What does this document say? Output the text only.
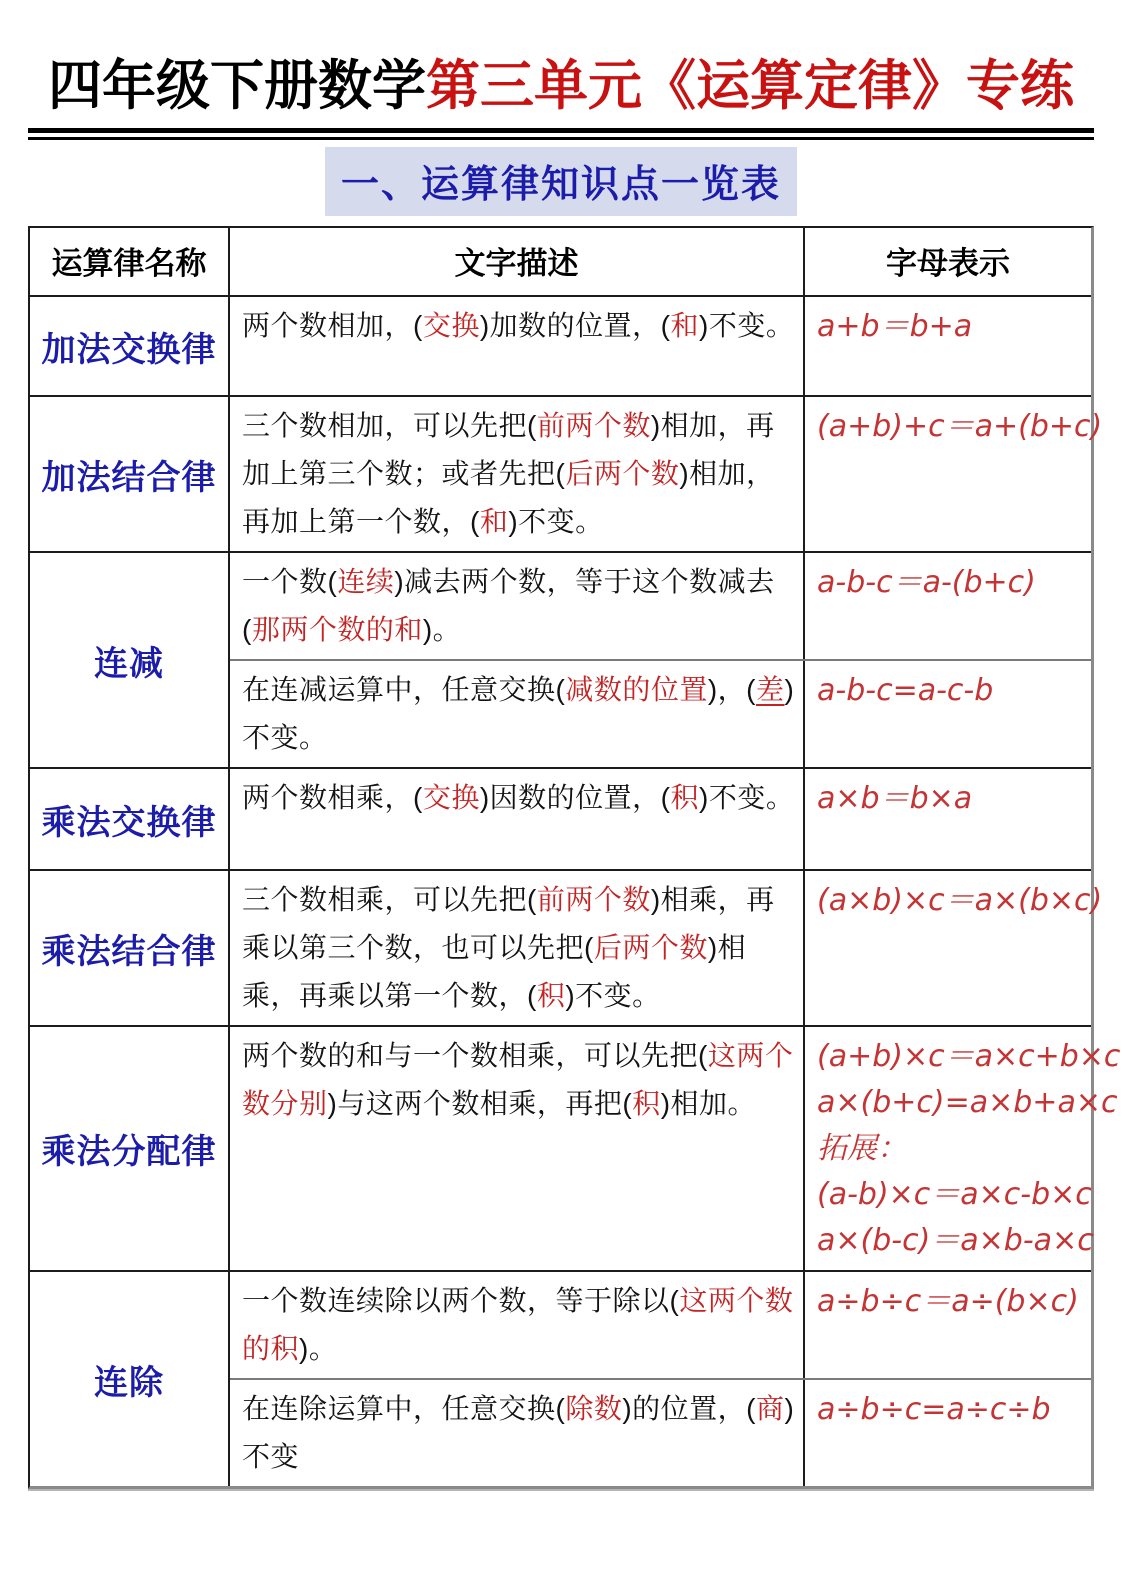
四年级下册数学第三单元《运算定律》专练
一、运算律知识点一览表
运算律名称	文字描述	字母表示
加法交换律
两个数相加，(交换)加数的位置，(和)不变。 a+b＝b+a
加法结合律
三个数相加，可以先把(前两个数)相加，再加上第三个数；或者先把(后两个数)相加，再加上第一个数，(和)不变。
(a+b)+c＝a+(b+c)
连减
一个数(连续)减去两个数，等于这个数减去(那两个数的和)。
a-b-c＝a-(b+c)
在连减运算中，任意交换(减数的位置)，(差)不变。
a-b-c=a-c-b
乘法交换律
两个数相乘，(交换)因数的位置，(积)不变。 a×b＝b×a
乘法结合律
三个数相乘，可以先把(前两个数)相乘，再乘以第三个数，也可以先把(后两个数)相乘，再乘以第一个数，(积)不变。
(a×b)×c＝a×(b×c)
乘法分配律
两个数的和与一个数相乘，可以先把(这两个数分别)与这两个数相乘，再把(积)相加。
(a+b)×c＝a×c+b×c
a×(b+c)=a×b+a×c
拓展：
(a-b)×c＝a×c-b×c
a×(b-c)＝a×b-a×c
连除
一个数连续除以两个数，等于除以(这两个数的积)。
a÷b÷c＝a÷(b×c)
在连除运算中，任意交换(除数)的位置，(商)不变
a÷b÷c=a÷c÷b
